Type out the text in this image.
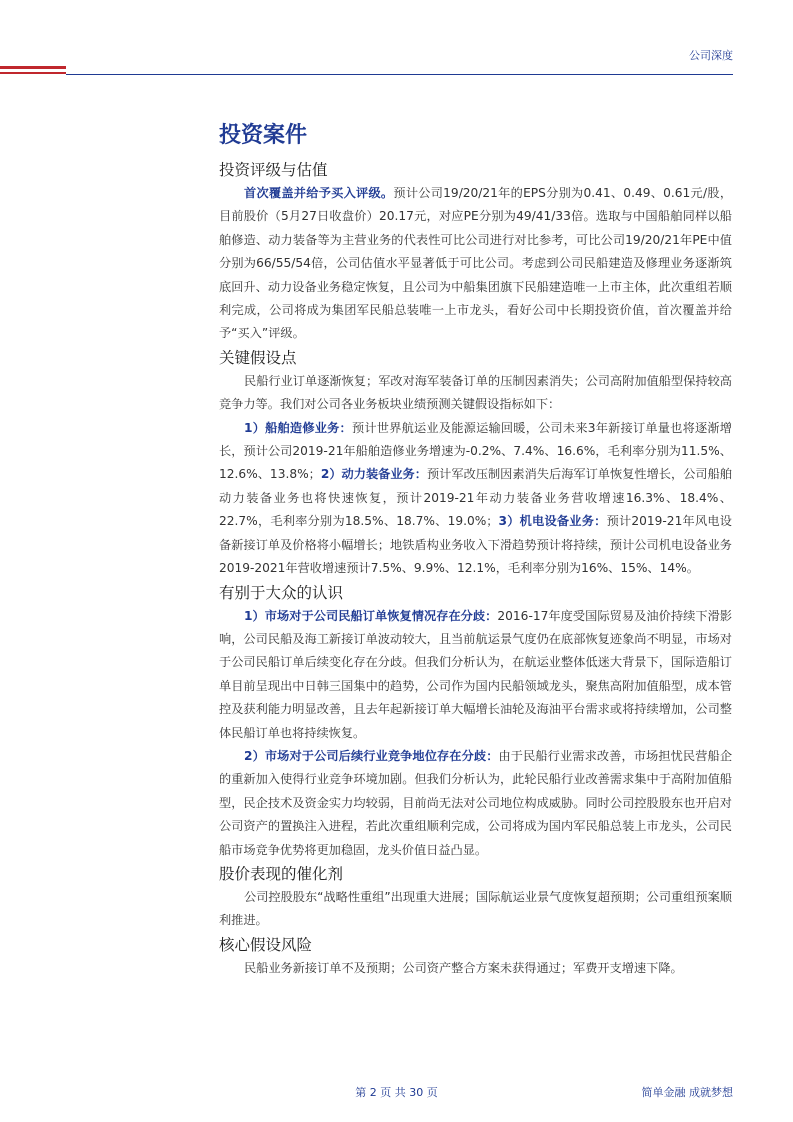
公司深度
投资案件
投资评级与估值

首次覆盖并给予买入评级。预计公司19/20/21年的EPS分别为0.41、0.49、0.61元/股，目前股价（5月27日收盘价）20.17元，对应PE分别为49/41/33倍。选取与中国船舶同样以船舶修造、动力装备等为主营业务的代表性可比公司进行对比参考，可比公司19/20/21年PE中值分别为66/55/54倍，公司估值水平显著低于可比公司。考虑到公司民船建造及修理业务逐渐筑底回升、动力设备业务稳定恢复，且公司为中船集团旗下民船建造唯一上市主体，此次重组若顺利完成，公司将成为集团军民船总装唯一上市龙头，看好公司中长期投资价值，首次覆盖并给予“买入”评级。

关键假设点

民船行业订单逐渐恢复；军改对海军装备订单的压制因素消失；公司高附加值船型保持较高竞争力等。我们对公司各业务板块业绩预测关键假设指标如下：

1）船舶造修业务：预计世界航运业及能源运输回暖，公司未来3年新接订单量也将逐渐增长，预计公司2019-21年船舶造修业务增速为-0.2%、7.4%、16.6%，毛利率分别为11.5%、12.6%、13.8%；2）动力装备业务：预计军改压制因素消失后海军订单恢复性增长，公司船舶动力装备业务也将快速恢复，预计2019-21年动力装备业务营收增速16.3%、18.4%、22.7%，毛利率分别为18.5%、18.7%、19.0%；3）机电设备业务：预计2019-21年风电设备新接订单及价格将小幅增长；地铁盾构业务收入下滑趋势预计将持续，预计公司机电设备业务2019-2021年营收增速预计7.5%、9.9%、12.1%，毛利率分别为16%、15%、14%。

有别于大众的认识

1）市场对于公司民船订单恢复情况存在分歧：2016-17年度受国际贸易及油价持续下滑影响，公司民船及海工新接订单波动较大，且当前航运景气度仍在底部恢复迹象尚不明显，市场对于公司民船订单后续变化存在分歧。但我们分析认为，在航运业整体低迷大背景下，国际造船订单目前呈现出中日韩三国集中的趋势，公司作为国内民船领域龙头，聚焦高附加值船型，成本管控及获利能力明显改善，且去年起新接订单大幅增长油轮及海油平台需求或将持续增加，公司整体民船订单也将持续恢复。

2）市场对于公司后续行业竞争地位存在分歧：由于民船行业需求改善，市场担忧民营船企的重新加入使得行业竞争环境加剧。但我们分析认为，此轮民船行业改善需求集中于高附加值船型，民企技术及资金实力均较弱，目前尚无法对公司地位构成威胁。同时公司控股股东也开启对公司资产的置换注入进程，若此次重组顺利完成，公司将成为国内军民船总装上市龙头，公司民船市场竞争优势将更加稳固，龙头价值日益凸显。

股价表现的催化剂

公司控股股东“战略性重组”出现重大进展；国际航运业景气度恢复超预期；公司重组预案顺利推进。

核心假设风险

民船业务新接订单不及预期；公司资产整合方案未获得通过；军费开支增速下降。

第 2 页 共 30 页	简单金融 成就梦想
